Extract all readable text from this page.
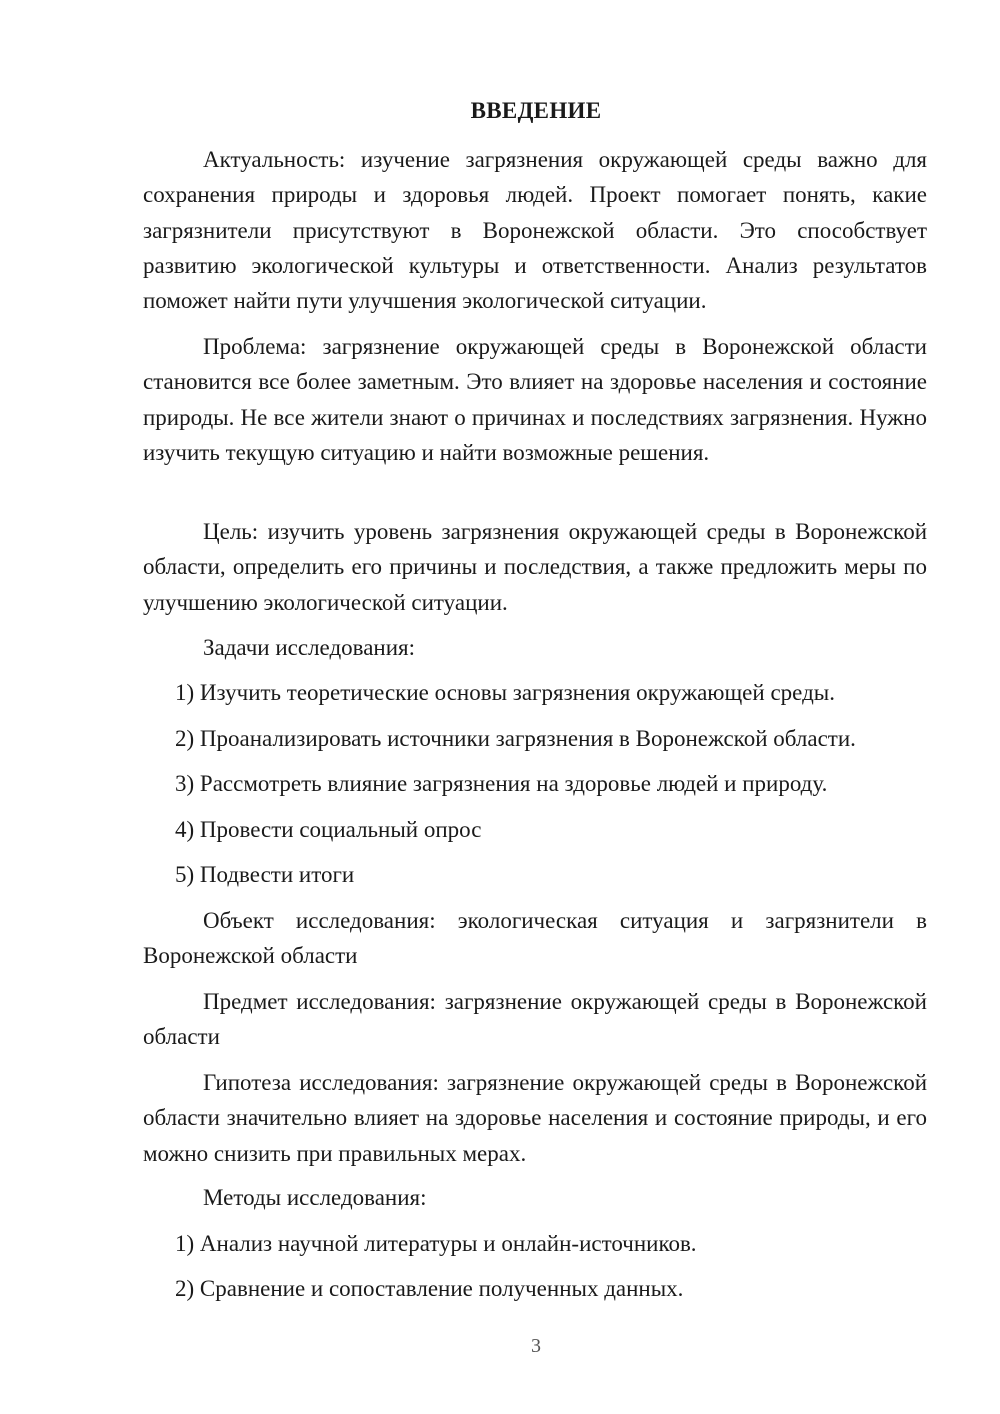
ВВЕДЕНИЕ

Актуальность: изучение загрязнения окружающей среды важно для сохранения природы и здоровья людей. Проект помогает понять, какие загрязнители присутствуют в Воронежской области. Это способствует развитию экологической культуры и ответственности. Анализ результатов поможет найти пути улучшения экологической ситуации.

Проблема: загрязнение окружающей среды в Воронежской области становится все более заметным. Это влияет на здоровье населения и состояние природы. Не все жители знают о причинах и последствиях загрязнения. Нужно изучить текущую ситуацию и найти возможные решения.

Цель: изучить уровень загрязнения окружающей среды в Воронежской области, определить его причины и последствия, а также предложить меры по улучшению экологической ситуации.

Задачи исследования:

1) Изучить теоретические основы загрязнения окружающей среды.

2) Проанализировать источники загрязнения в Воронежской области.

3) Рассмотреть влияние загрязнения на здоровье людей и природу.

4) Провести социальный опрос

5) Подвести итоги

Объект исследования: экологическая ситуация и загрязнители в Воронежской области

Предмет исследования: загрязнение окружающей среды в Воронежской области

Гипотеза исследования: загрязнение окружающей среды в Воронежской области значительно влияет на здоровье населения и состояние природы, и его можно снизить при правильных мерах.

Методы исследования:

1) Анализ научной литературы и онлайн-источников.

2) Сравнение и сопоставление полученных данных.

3
